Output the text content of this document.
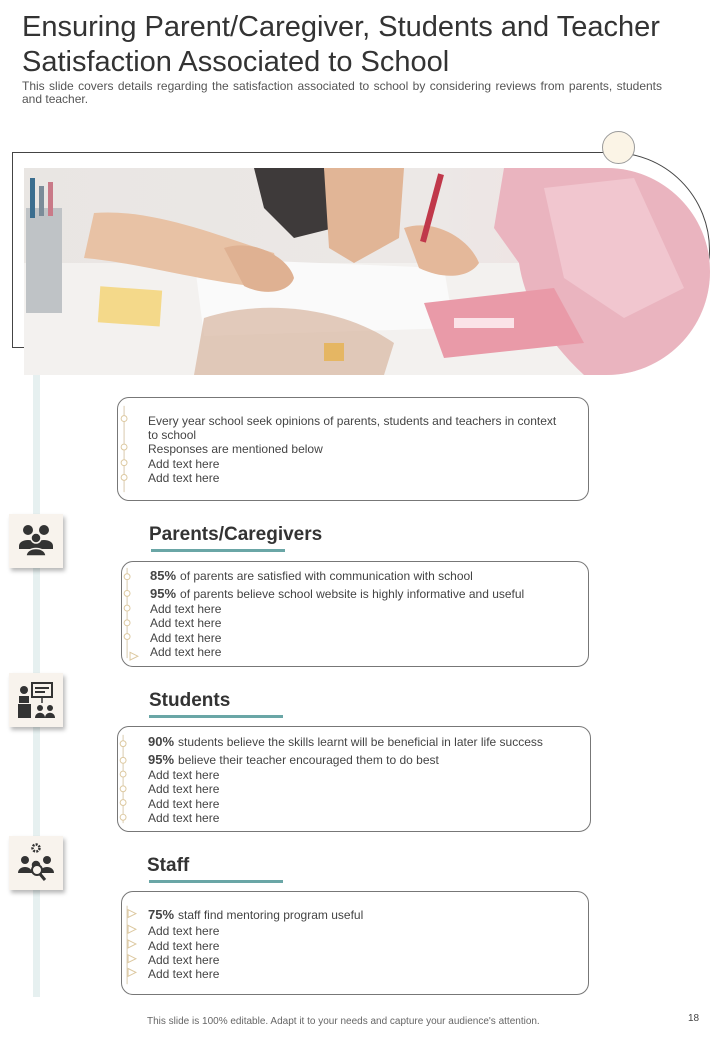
Ensuring Parent/Caregiver, Students and Teacher Satisfaction Associated to School
This slide covers details regarding the satisfaction associated to school by considering reviews from parents, students and teacher.
Every year school seek opinions of parents, students and teachers in context
to school
Responses are mentioned below
Add text here
Add text here
Parents/Caregivers
85% of parents are satisfied with communication with school
95% of parents believe school website is highly informative and useful
Add text here
Add text here
Add text here
Add text here
Students
90% students believe the skills learnt will be beneficial in later life success
95% believe their teacher encouraged them to do best
Add text here
Add text here
Add text here
Add text here
Staff
75% staff find mentoring program useful
Add text here
Add text here
Add text here
Add text here
This slide is 100% editable. Adapt it to your needs and capture your audience's attention.	18
